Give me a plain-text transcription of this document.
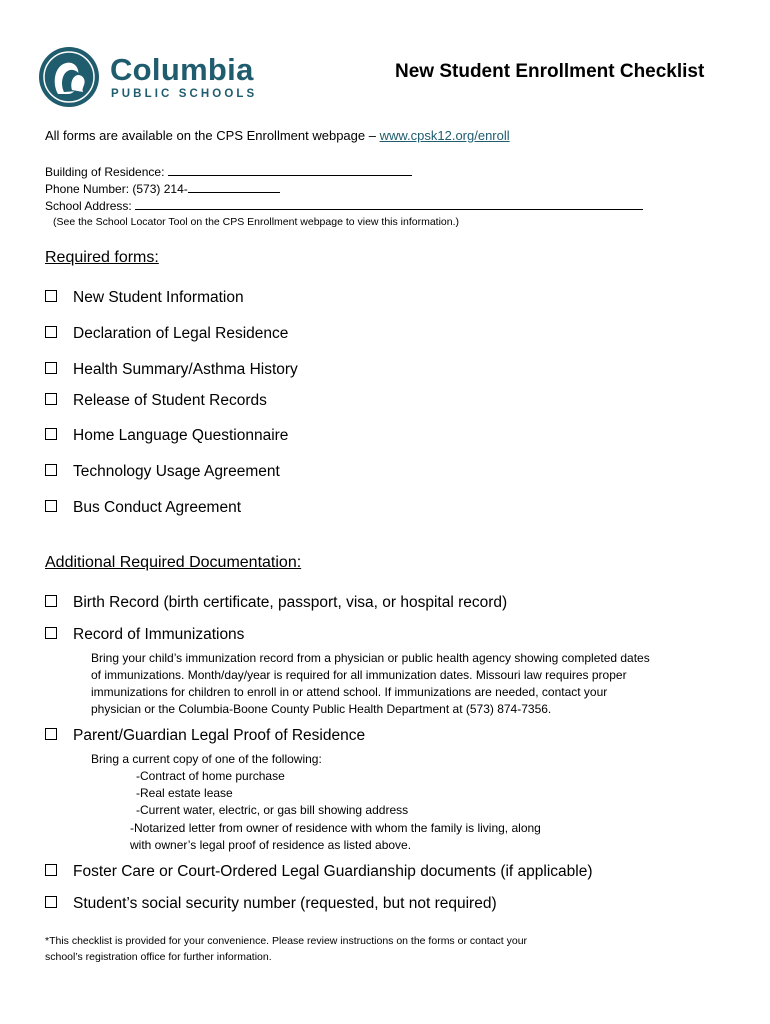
Columbia
PUBLIC SCHOOLS
New Student Enrollment Checklist
All forms are available on the CPS Enrollment webpage – www.cpsk12.org/enroll
Building of Residence:
Phone Number: (573) 214-
School Address:
(See the School Locator Tool on the CPS Enrollment webpage to view this information.)
Required forms:
New Student Information
Declaration of Legal Residence
Health Summary/Asthma History
Release of Student Records
Home Language Questionnaire
Technology Usage Agreement
Bus Conduct Agreement
Additional Required Documentation:
Birth Record (birth certificate, passport, visa, or hospital record)
Record of Immunizations
Bring your child’s immunization record from a physician or public health agency showing completed dates
of immunizations. Month/day/year is required for all immunization dates. Missouri law requires proper
immunizations for children to enroll in or attend school. If immunizations are needed, contact your
physician or the Columbia-Boone County Public Health Department at (573) 874-7356.
Parent/Guardian Legal Proof of Residence
Bring a current copy of one of the following:
-Contract of home purchase
-Real estate lease
-Current water, electric, or gas bill showing address
-Notarized letter from owner of residence with whom the family is living, along
with owner’s legal proof of residence as listed above.
Foster Care or Court-Ordered Legal Guardianship documents (if applicable)
Student’s social security number (requested, but not required)
*This checklist is provided for your convenience. Please review instructions on the forms or contact your
school’s registration office for further information.
